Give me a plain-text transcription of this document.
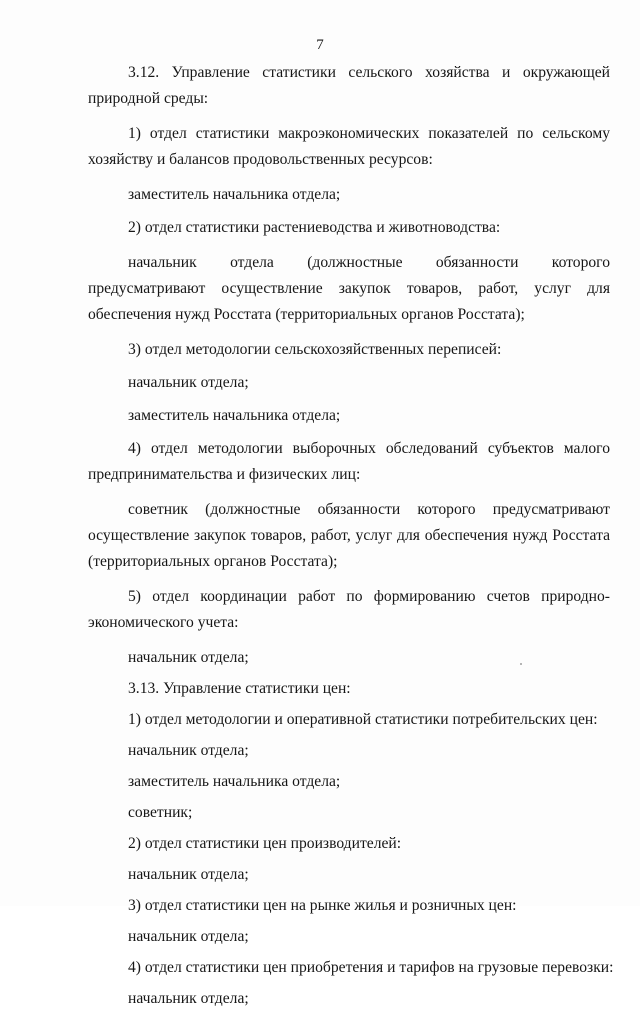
7

3.12. Управление статистики сельского хозяйства и окружающей природной среды:

1) отдел статистики макроэкономических показателей по сельскому хозяйству и балансов продовольственных ресурсов:

заместитель начальника отдела;

2) отдел статистики растениеводства и животноводства:

начальник отдела (должностные обязанности которого предусматривают осуществление закупок товаров, работ, услуг для обеспечения нужд Росстата (территориальных органов Росстата);

3) отдел методологии сельскохозяйственных переписей:

начальник отдела;

заместитель начальника отдела;

4) отдел методологии выборочных обследований субъектов малого предпринимательства и физических лиц:

советник (должностные обязанности которого предусматривают осуществление закупок товаров, работ, услуг для обеспечения нужд Росстата (территориальных органов Росстата);

5) отдел координации работ по формированию счетов природно-экономического учета:

начальник отдела;

3.13. Управление статистики цен:

1) отдел методологии и оперативной статистики потребительских цен:

начальник отдела;

заместитель начальника отдела;

советник;

2) отдел статистики цен производителей:

начальник отдела;

3) отдел статистики цен на рынке жилья и розничных цен:

начальник отдела;

4) отдел статистики цен приобретения и тарифов на грузовые перевозки:

начальник отдела;
